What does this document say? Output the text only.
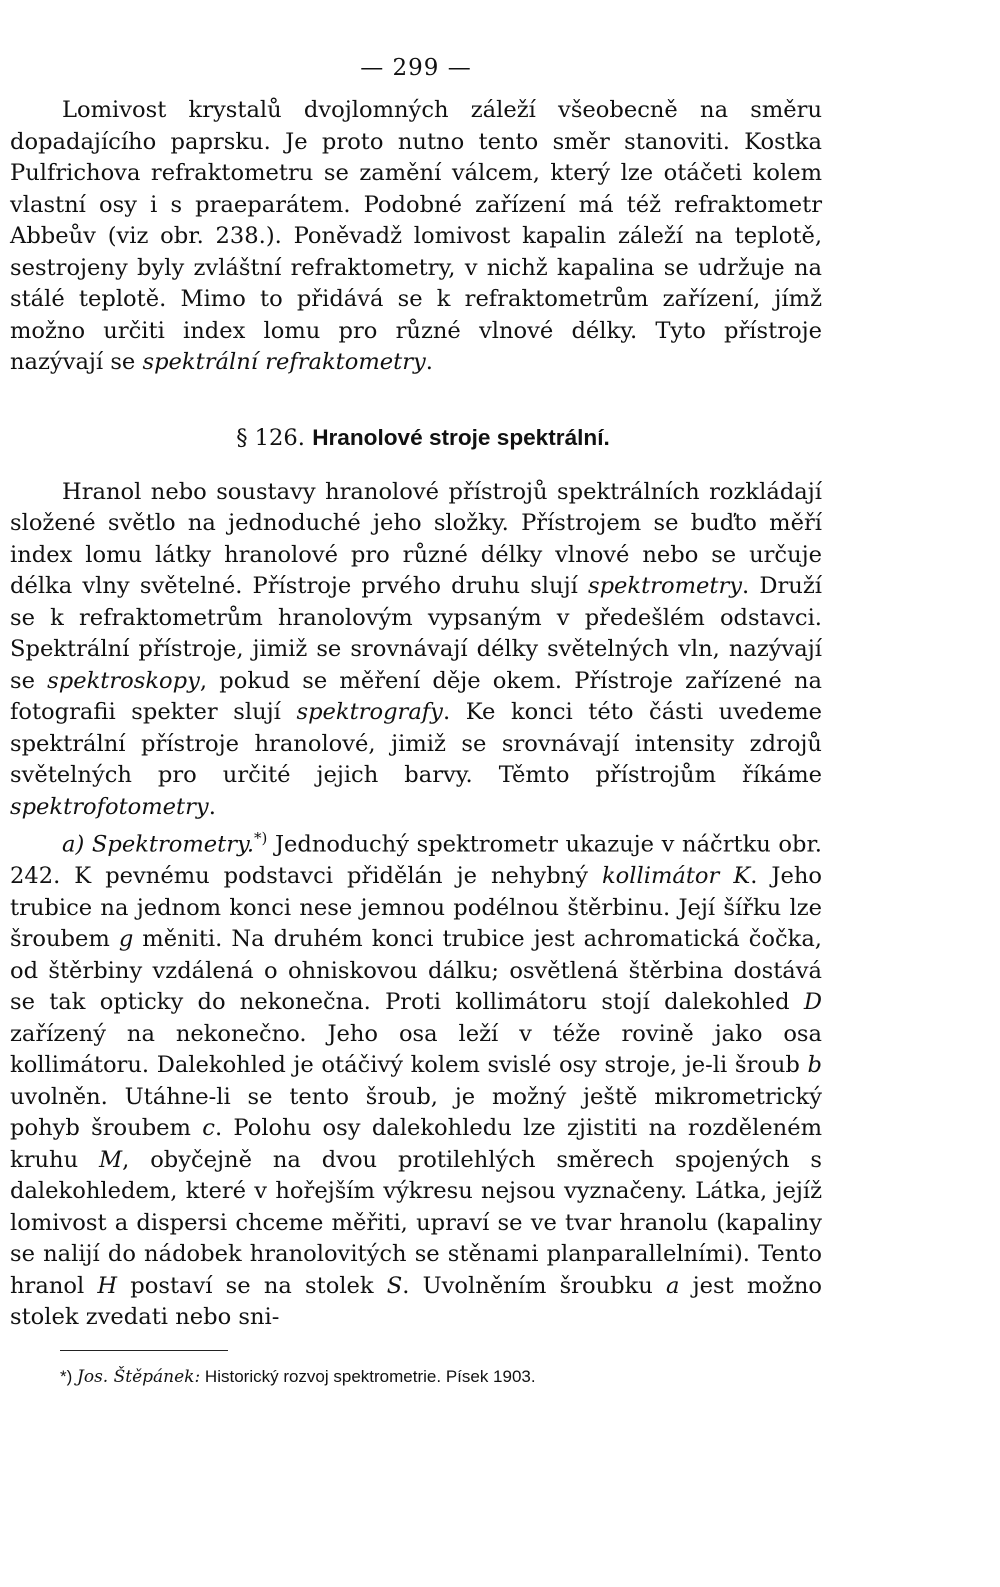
— 299 —

Lomivost krystalů dvojlomných záleží všeobecně na směru dopadajícího paprsku. Je proto nutno tento směr stanoviti. Kostka Pulfrichova refraktometru se zamění válcem, který lze otáčeti kolem vlastní osy i s praeparátem. Podobné zařízení má též refraktometr Abbeův (viz obr. 238.). Poněvadž lomivost kapalin záleží na teplotě, sestrojeny byly zvláštní refraktometry, v nichž kapalina se udržuje na stálé teplotě. Mimo to přidává se k refraktometrům zařízení, jímž možno určiti index lomu pro různé vlnové délky. Tyto přístroje nazývají se spektrální refraktometry.

§ 126. Hranolové stroje spektrální.

Hranol nebo soustavy hranolové přístrojů spektrálních rozkládají složené světlo na jednoduché jeho složky. Přístrojem se buďto měří index lomu látky hranolové pro různé délky vlnové nebo se určuje délka vlny světelné. Přístroje prvého druhu slují spektrometry. Druží se k refraktometrům hranolovým vypsaným v předešlém odstavci. Spektrální přístroje, jimiž se srovnávají délky světelných vln, nazývají se spektroskopy, pokud se měření děje okem. Přístroje zařízené na fotografii spekter slují spektrografy. Ke konci této části uvedeme spektrální přístroje hranolové, jimiž se srovnávají intensity zdrojů světelných pro určité jejich barvy. Těmto přístrojům říkáme spektrofotometry.

a) Spektrometry.*) Jednoduchý spektrometr ukazuje v náčrtku obr. 242. K pevnému podstavci přidělán je nehybný kollimátor K. Jeho trubice na jednom konci nese jemnou podélnou štěrbinu. Její šířku lze šroubem g měniti. Na druhém konci trubice jest achromatická čočka, od štěrbiny vzdálená o ohniskovou dálku; osvětlená štěrbina dostává se tak opticky do nekonečna. Proti kollimátoru stojí dalekohled D zařízený na nekonečno. Jeho osa leží v téže rovině jako osa kollimátoru. Dalekohled je otáčivý kolem svislé osy stroje, je-li šroub b uvolněn. Utáhne-li se tento šroub, je možný ještě mikrometrický pohyb šroubem c. Polohu osy dalekohledu lze zjistiti na rozděleném kruhu M, obyčejně na dvou protilehlých směrech spojených s dalekohledem, které v hořejším výkresu nejsou vyznačeny. Látka, jejíž lomivost a dispersi chceme měřiti, upraví se ve tvar hranolu (kapaliny se nalijí do nádobek hranolovitých se stěnami planparallelními). Tento hranol H postaví se na stolek S. Uvolněním šroubku a jest možno stolek zvedati nebo sni-

*) Jos. Štěpánek: Historický rozvoj spektrometrie. Písek 1903.
